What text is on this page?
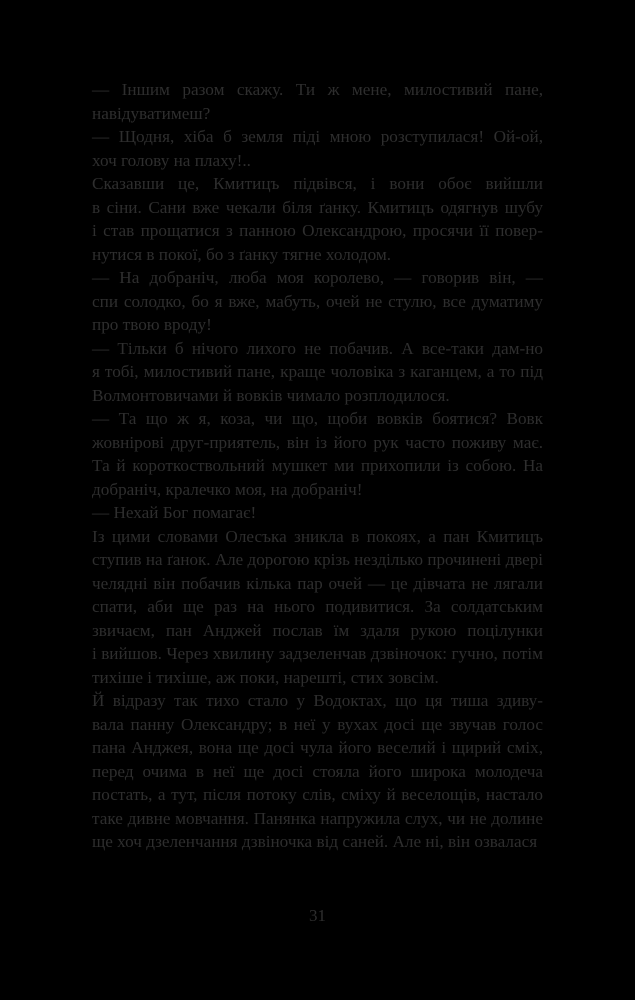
— Іншим разом скажу. Ти ж мене, милостивий пане,
навідуватимеш?
— Щодня, хіба б земля піді мною розступилася! Ой-ой,
хоч голову на плаху!..
Сказавши це, Кмитицъ підвівся, і вони обоє вийшли
в сіни. Сани вже чекали біля ґанку. Кмитицъ одягнув шубу
і став прощатися з панною Олександрою, просячи її повер-
нутися в покої, бо з ґанку тягне холодом.
— На добраніч, люба моя королево, — говорив він, —
спи солодко, бо я вже, мабуть, очей не стулю, все думатиму
про твою вроду!
— Тільки б нічого лихого не побачив. А все-таки дам-но
я тобі, милостивий пане, краще чоловіка з каганцем, а то під
Волмонтовичами й вовків чимало розплодилося.
— Та що ж я, коза, чи що, щоби вовків боятися? Вовк
жовніровi друг-приятель, він із його рук часто поживу має.
Та й короткоствольний мушкет ми прихопили із собою. На
добраніч, кралечко моя, на добраніч!
— Нехай Бог помагає!
Із цими словами Олесъка зникла в покоях, а пан Кмитицъ
ступив на ґанок. Але дорогою крізь незділько прочинені двері
челядні він побачив кілька пар очей — це дівчата не лягали
спати, аби ще раз на нього подивитися. За солдатським
звичаєм, пан Анджей послав їм здаля рукою поцілунки
і вийшов. Через хвилину задзеленчав дзвіночок: гучно, потім
тихіше і тихіше, аж поки, нарешті, стих зовсім.
Й відразу так тихо стало у Водоктах, що ця тиша здиву-
вала панну Олександру; в неї у вухах досі ще звучав голос
пана Анджея, вона ще досі чула його веселий і щирий сміх,
перед очима в неї ще досі стояла його широка молодеча
постать, а тут, після потоку слів, сміху й веселощів, настало
таке дивне мовчання. Панянка напружила слух, чи не долине
ще хоч дзеленчання дзвіночка від саней. Але ні, він озвалася
31
